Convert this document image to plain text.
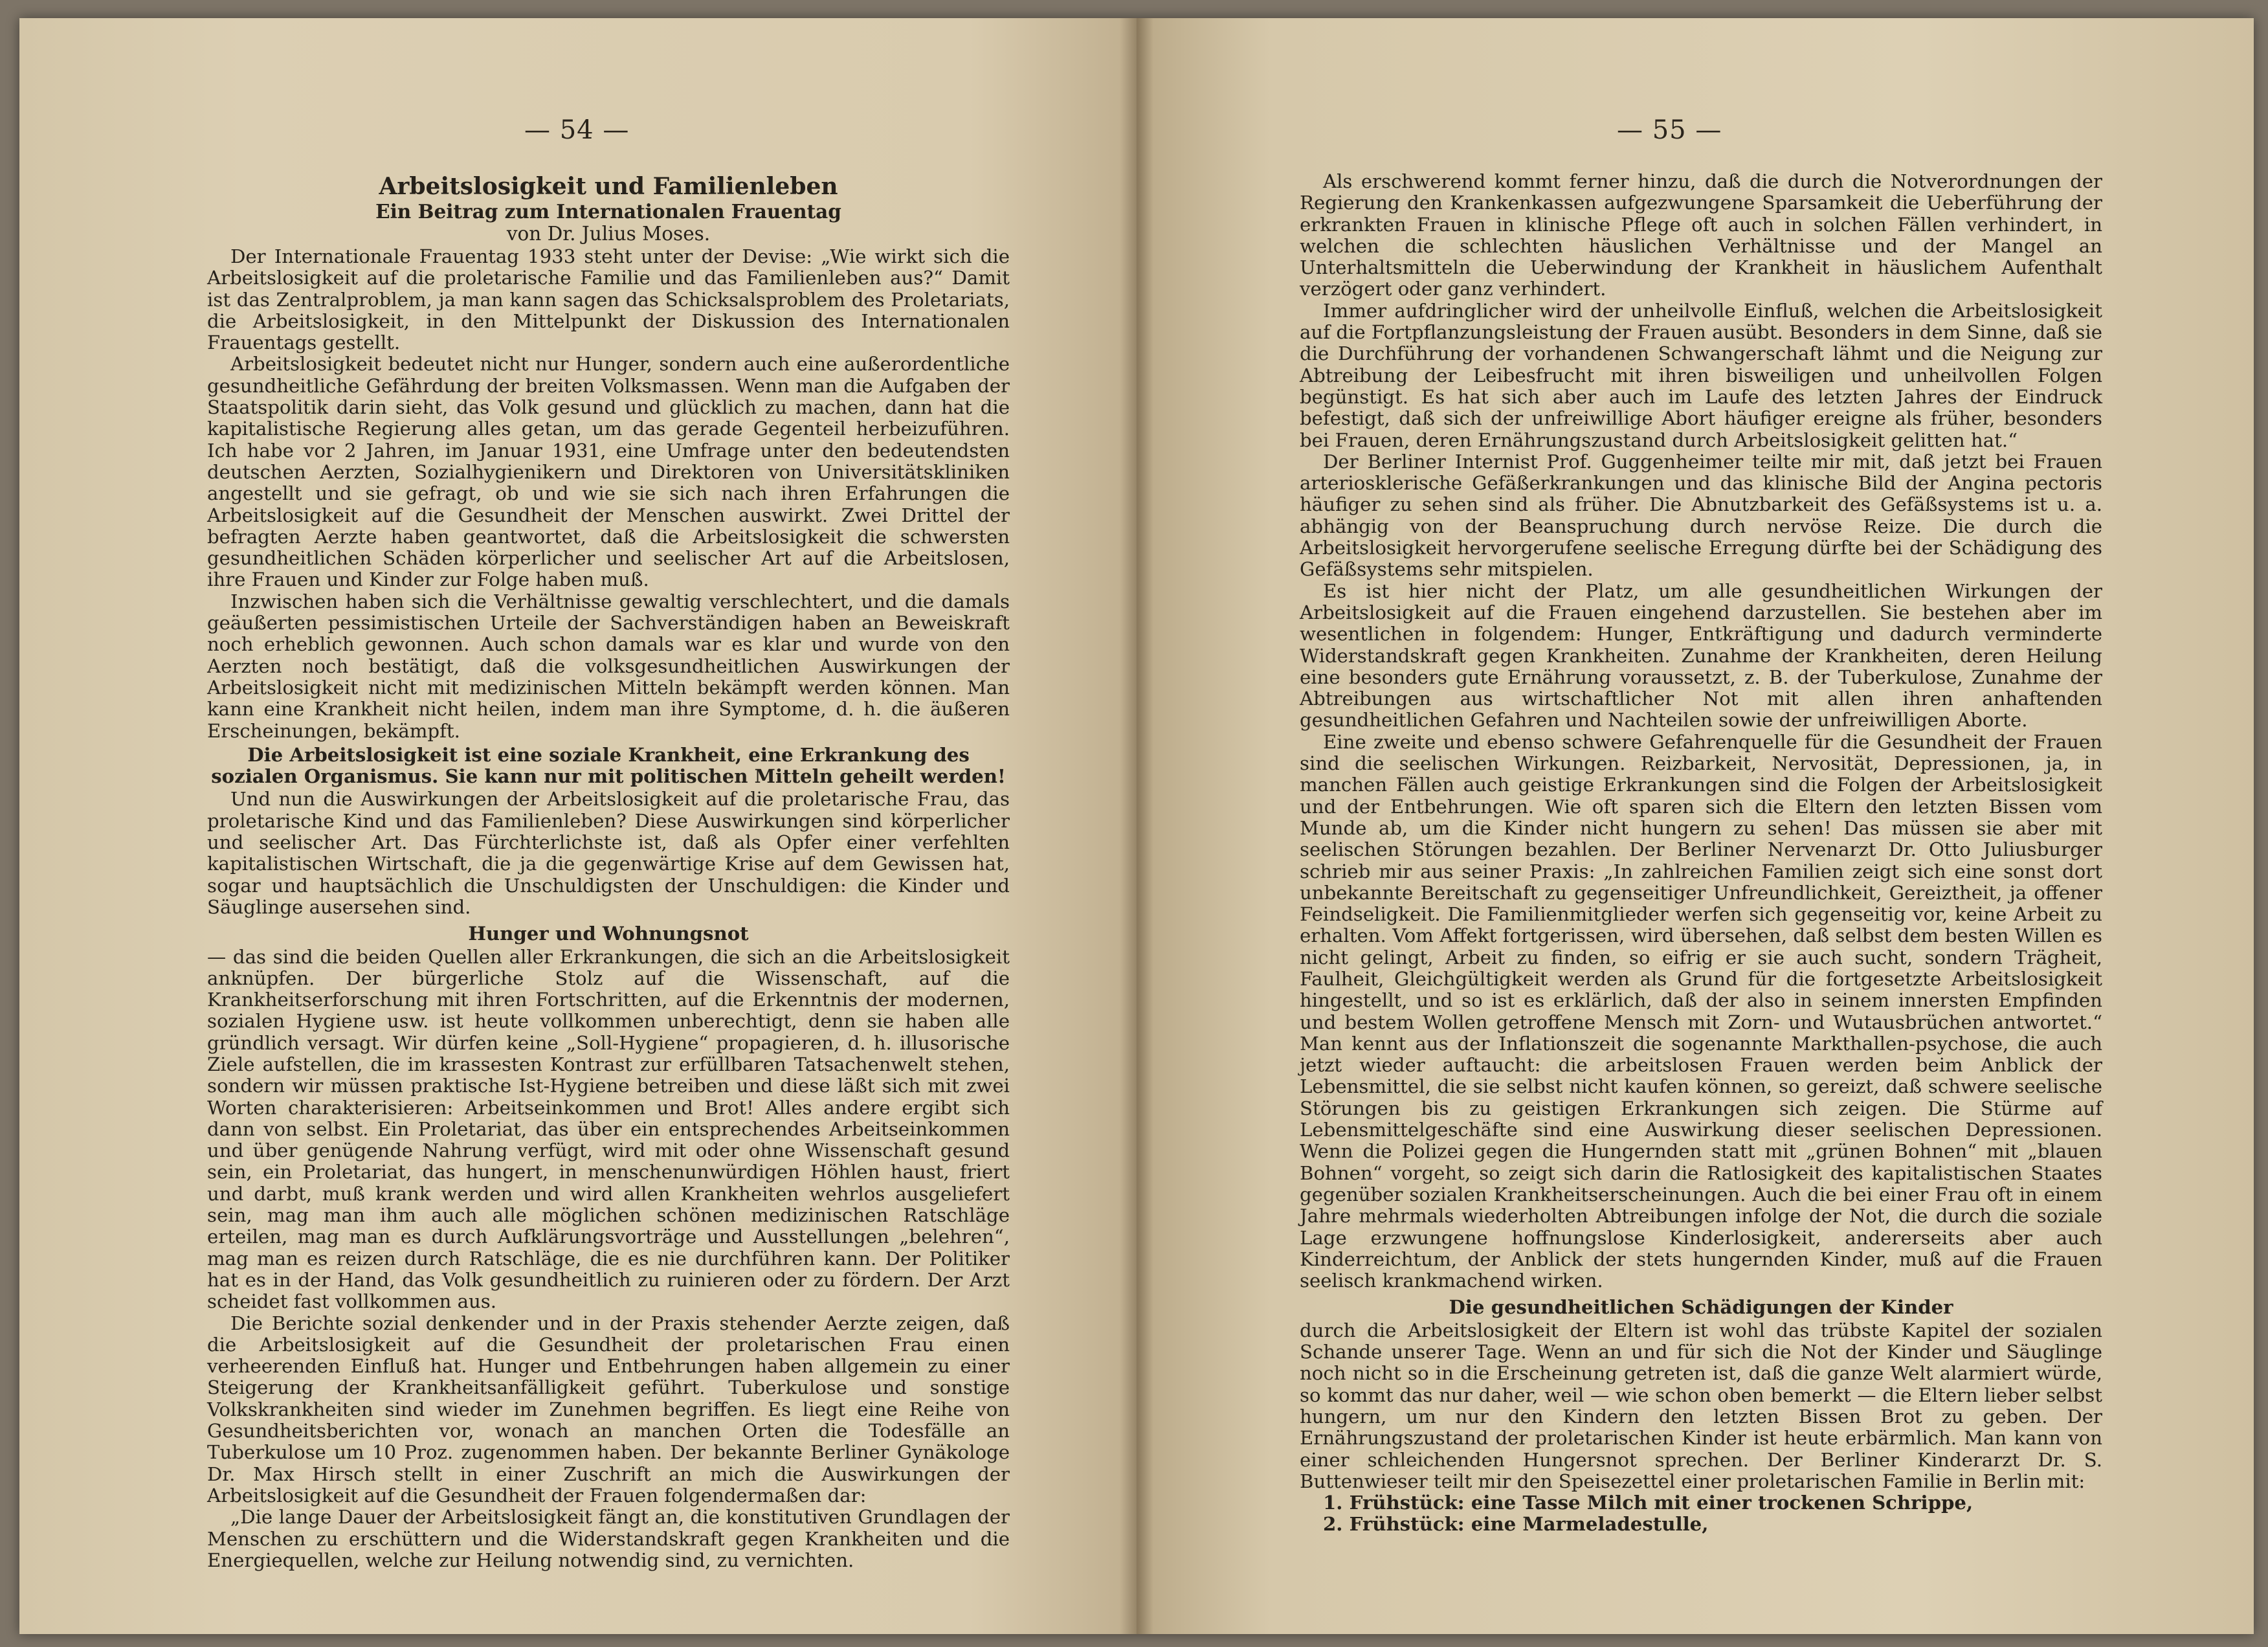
— 54 —
Arbeitslosigkeit und Familienleben
Ein Beitrag zum Internationalen Frauentag
von Dr. Julius Moses.

Der Internationale Frauentag 1933 steht unter der Devise: „Wie wirkt sich die Arbeitslosigkeit auf die proletarische Familie und das Familienleben aus?“ Damit ist das Zentralproblem, ja man kann sagen das Schicksalsproblem des Proletariats, die Arbeitslosigkeit, in den Mittelpunkt der Diskussion des Internationalen Frauentags gestellt.

Arbeitslosigkeit bedeutet nicht nur Hunger, sondern auch eine außerordentliche gesundheitliche Gefährdung der breiten Volksmassen. Wenn man die Aufgaben der Staatspolitik darin sieht, das Volk gesund und glücklich zu machen, dann hat die kapitalistische Regierung alles getan, um das gerade Gegenteil herbeizuführen. Ich habe vor 2 Jahren, im Januar 1931, eine Umfrage unter den bedeutendsten deutschen Aerzten, Sozialhygienikern und Direktoren von Universitätskliniken angestellt und sie gefragt, ob und wie sie sich nach ihren Erfahrungen die Arbeitslosigkeit auf die Gesundheit der Menschen auswirkt. Zwei Drittel der befragten Aerzte haben geantwortet, daß die Arbeitslosigkeit die schwersten gesundheitlichen Schäden körperlicher und seelischer Art auf die Arbeitslosen, ihre Frauen und Kinder zur Folge haben muß.

Inzwischen haben sich die Verhältnisse gewaltig verschlechtert, und die damals geäußerten pessimistischen Urteile der Sachverständigen haben an Beweiskraft noch erheblich gewonnen. Auch schon damals war es klar und wurde von den Aerzten noch bestätigt, daß die volksgesundheitlichen Auswirkungen der Arbeitslosigkeit nicht mit medizinischen Mitteln bekämpft werden können. Man kann eine Krankheit nicht heilen, indem man ihre Symptome, d. h. die äußeren Erscheinungen, bekämpft.

Die Arbeitslosigkeit ist eine soziale Krankheit, eine Erkrankung des sozialen Organismus. Sie kann nur mit politischen Mitteln geheilt werden!

Und nun die Auswirkungen der Arbeitslosigkeit auf die proletarische Frau, das proletarische Kind und das Familienleben? Diese Auswirkungen sind körperlicher und seelischer Art. Das Fürchterlichste ist, daß als Opfer einer verfehlten kapitalistischen Wirtschaft, die ja die gegenwärtige Krise auf dem Gewissen hat, sogar und hauptsächlich die Unschuldigsten der Unschuldigen: die Kinder und Säuglinge ausersehen sind.

Hunger und Wohnungsnot

— das sind die beiden Quellen aller Erkrankungen, die sich an die Arbeitslosigkeit anknüpfen. Der bürgerliche Stolz auf die Wissenschaft, auf die Krankheitserforschung mit ihren Fortschritten, auf die Erkenntnis der modernen, sozialen Hygiene usw. ist heute vollkommen unberechtigt, denn sie haben alle gründlich versagt. Wir dürfen keine „Soll-Hygiene“ propagieren, d. h. illusorische Ziele aufstellen, die im krassesten Kontrast zur erfüllbaren Tatsachenwelt stehen, sondern wir müssen praktische Ist-Hygiene betreiben und diese läßt sich mit zwei Worten charakterisieren: Arbeitseinkommen und Brot! Alles andere ergibt sich dann von selbst. Ein Proletariat, das über ein entsprechendes Arbeitseinkommen und über genügende Nahrung verfügt, wird mit oder ohne Wissenschaft gesund sein, ein Proletariat, das hungert, in menschenunwürdigen Höhlen haust, friert und darbt, muß krank werden und wird allen Krankheiten wehrlos ausgeliefert sein, mag man ihm auch alle möglichen schönen medizinischen Ratschläge erteilen, mag man es durch Aufklärungsvorträge und Ausstellungen „belehren“, mag man es reizen durch Ratschläge, die es nie durchführen kann. Der Politiker hat es in der Hand, das Volk gesundheitlich zu ruinieren oder zu fördern. Der Arzt scheidet fast vollkommen aus.

Die Berichte sozial denkender und in der Praxis stehender Aerzte zeigen, daß die Arbeitslosigkeit auf die Gesundheit der proletarischen Frau einen verheerenden Einfluß hat. Hunger und Entbehrungen haben allgemein zu einer Steigerung der Krankheitsanfälligkeit geführt. Tuberkulose und sonstige Volkskrankheiten sind wieder im Zunehmen begriffen. Es liegt eine Reihe von Gesundheitsberichten vor, wonach an manchen Orten die Todesfälle an Tuberkulose um 10 Proz. zugenommen haben. Der bekannte Berliner Gynäkologe Dr. Max Hirsch stellt in einer Zuschrift an mich die Auswirkungen der Arbeitslosigkeit auf die Gesundheit der Frauen folgendermaßen dar:

„Die lange Dauer der Arbeitslosigkeit fängt an, die konstitutiven Grundlagen der Menschen zu erschüttern und die Widerstandskraft gegen Krankheiten und die Energiequellen, welche zur Heilung notwendig sind, zu vernichten.

— 55 —

Als erschwerend kommt ferner hinzu, daß die durch die Notverordnungen der Regierung den Krankenkassen aufgezwungene Sparsamkeit die Ueberführung der erkrankten Frauen in klinische Pflege oft auch in solchen Fällen verhindert, in welchen die schlechten häuslichen Verhältnisse und der Mangel an Unterhaltsmitteln die Ueberwindung der Krankheit in häuslichem Aufenthalt verzögert oder ganz verhindert.

Immer aufdringlicher wird der unheilvolle Einfluß, welchen die Arbeitslosigkeit auf die Fortpflanzungsleistung der Frauen ausübt. Besonders in dem Sinne, daß sie die Durchführung der vorhandenen Schwangerschaft lähmt und die Neigung zur Abtreibung der Leibesfrucht mit ihren bisweiligen und unheilvollen Folgen begünstigt. Es hat sich aber auch im Laufe des letzten Jahres der Eindruck befestigt, daß sich der unfreiwillige Abort häufiger ereigne als früher, besonders bei Frauen, deren Ernährungszustand durch Arbeitslosigkeit gelitten hat.“

Der Berliner Internist Prof. Guggenheimer teilte mir mit, daß jetzt bei Frauen arteriosklerische Gefäßerkrankungen und das klinische Bild der Angina pectoris häufiger zu sehen sind als früher. Die Abnutzbarkeit des Gefäßsystems ist u. a. abhängig von der Beanspruchung durch nervöse Reize. Die durch die Arbeitslosigkeit hervorgerufene seelische Erregung dürfte bei der Schädigung des Gefäßsystems sehr mitspielen.

Es ist hier nicht der Platz, um alle gesundheitlichen Wirkungen der Arbeitslosigkeit auf die Frauen eingehend darzustellen. Sie bestehen aber im wesentlichen in folgendem: Hunger, Entkräftigung und dadurch verminderte Widerstandskraft gegen Krankheiten. Zunahme der Krankheiten, deren Heilung eine besonders gute Ernährung voraussetzt, z. B. der Tuberkulose, Zunahme der Abtreibungen aus wirtschaftlicher Not mit allen ihren anhaftenden gesundheitlichen Gefahren und Nachteilen sowie der unfreiwilligen Aborte.

Eine zweite und ebenso schwere Gefahrenquelle für die Gesundheit der Frauen sind die seelischen Wirkungen. Reizbarkeit, Nervosität, Depressionen, ja, in manchen Fällen auch geistige Erkrankungen sind die Folgen der Arbeitslosigkeit und der Entbehrungen. Wie oft sparen sich die Eltern den letzten Bissen vom Munde ab, um die Kinder nicht hungern zu sehen! Das müssen sie aber mit seelischen Störungen bezahlen. Der Berliner Nervenarzt Dr. Otto Juliusburger schrieb mir aus seiner Praxis: „In zahlreichen Familien zeigt sich eine sonst dort unbekannte Bereitschaft zu gegenseitiger Unfreundlichkeit, Gereiztheit, ja offener Feindseligkeit. Die Familienmitglieder werfen sich gegenseitig vor, keine Arbeit zu erhalten. Vom Affekt fortgerissen, wird übersehen, daß selbst dem besten Willen es nicht gelingt, Arbeit zu finden, so eifrig er sie auch sucht, sondern Trägheit, Faulheit, Gleichgültigkeit werden als Grund für die fortgesetzte Arbeitslosigkeit hingestellt, und so ist es erklärlich, daß der also in seinem innersten Empfinden und bestem Wollen getroffene Mensch mit Zorn- und Wutausbrüchen antwortet.“ Man kennt aus der Inflationszeit die sogenannte Markthallen-psychose, die auch jetzt wieder auftaucht: die arbeitslosen Frauen werden beim Anblick der Lebensmittel, die sie selbst nicht kaufen können, so gereizt, daß schwere seelische Störungen bis zu geistigen Erkrankungen sich zeigen. Die Stürme auf Lebensmittelgeschäfte sind eine Auswirkung dieser seelischen Depressionen. Wenn die Polizei gegen die Hungernden statt mit „grünen Bohnen“ mit „blauen Bohnen“ vorgeht, so zeigt sich darin die Ratlosigkeit des kapitalistischen Staates gegenüber sozialen Krankheitserscheinungen. Auch die bei einer Frau oft in einem Jahre mehrmals wiederholten Abtreibungen infolge der Not, die durch die soziale Lage erzwungene hoffnungslose Kinderlosigkeit, andererseits aber auch Kinderreichtum, der Anblick der stets hungernden Kinder, muß auf die Frauen seelisch krankmachend wirken.

Die gesundheitlichen Schädigungen der Kinder

durch die Arbeitslosigkeit der Eltern ist wohl das trübste Kapitel der sozialen Schande unserer Tage. Wenn an und für sich die Not der Kinder und Säuglinge noch nicht so in die Erscheinung getreten ist, daß die ganze Welt alarmiert würde, so kommt das nur daher, weil — wie schon oben bemerkt — die Eltern lieber selbst hungern, um nur den Kindern den letzten Bissen Brot zu geben. Der Ernährungszustand der proletarischen Kinder ist heute erbärmlich. Man kann von einer schleichenden Hungersnot sprechen. Der Berliner Kinderarzt Dr. S. Buttenwieser teilt mir den Speisezettel einer proletarischen Familie in Berlin mit:

1. Frühstück: eine Tasse Milch mit einer trockenen Schrippe,

2. Frühstück: eine Marmeladestulle,
